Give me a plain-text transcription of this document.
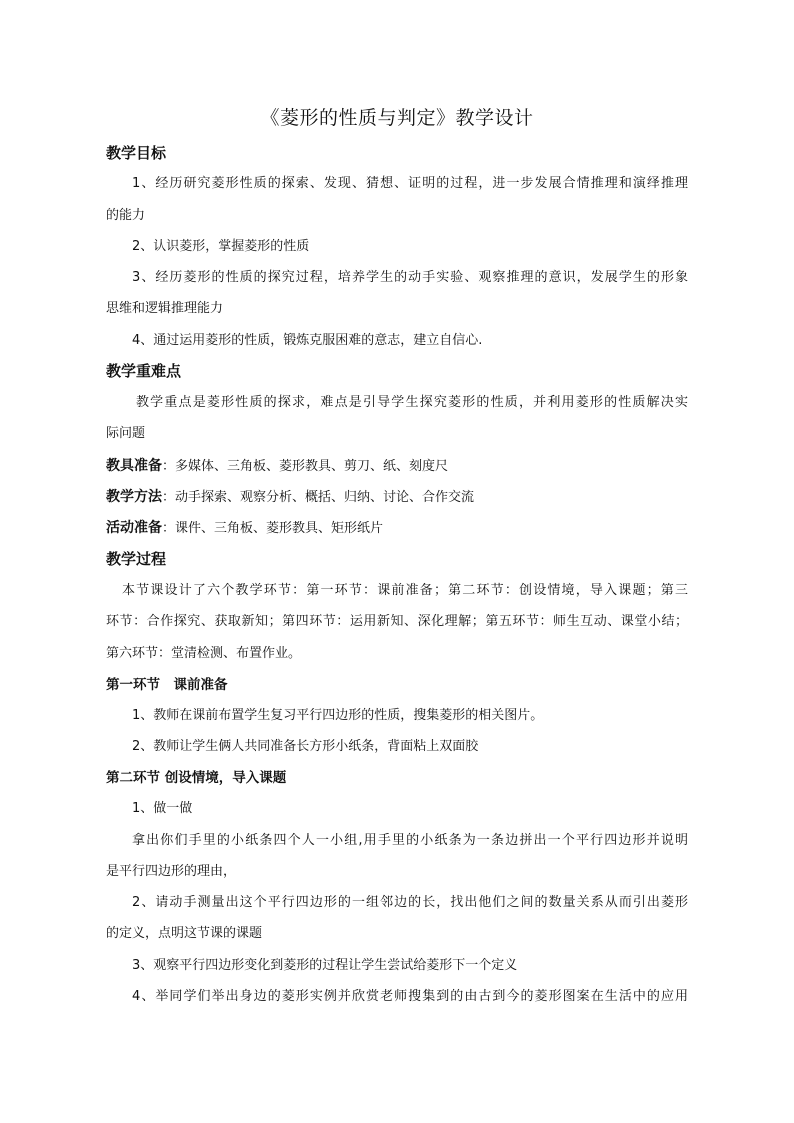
《菱形的性质与判定》教学设计
教学目标
1、经历研究菱形性质的探索、发现、猜想、证明的过程，进一步发展合情推理和演绎推理
的能力
2、认识菱形，掌握菱形的性质
3、经历菱形的性质的探究过程，培养学生的动手实验、观察推理的意识，发展学生的形象
思维和逻辑推理能力
4、通过运用菱形的性质，锻炼克服困难的意志，建立自信心.
教学重难点
教学重点是菱形性质的探求，难点是引导学生探究菱形的性质，并利用菱形的性质解决实
际问题
教具准备：多媒体、三角板、菱形教具、剪刀、纸、刻度尺
教学方法：动手探索、观察分析、概括、归纳、讨论、合作交流
活动准备：课件、三角板、菱形教具、矩形纸片
教学过程
本节课设计了六个教学环节：第一环节：课前准备；第二环节：创设情境，导入课题；第三
环节：合作探究、获取新知；第四环节：运用新知、深化理解；第五环节：师生互动、课堂小结；
第六环节：堂清检测、布置作业。
第一环节　课前准备
1、教师在课前布置学生复习平行四边形的性质，搜集菱形的相关图片。
2、教师让学生俩人共同准备长方形小纸条，背面粘上双面胶
第二环节 创设情境，导入课题
1、做一做
拿出你们手里的小纸条四个人一小组,用手里的小纸条为一条边拼出一个平行四边形并说明
是平行四边形的理由，
2、请动手测量出这个平行四边形的一组邻边的长，找出他们之间的数量关系从而引出菱形
的定义，点明这节课的课题
3、观察平行四边形变化到菱形的过程让学生尝试给菱形下一个定义
4、举同学们举出身边的菱形实例并欣赏老师搜集到的由古到今的菱形图案在生活中的应用
